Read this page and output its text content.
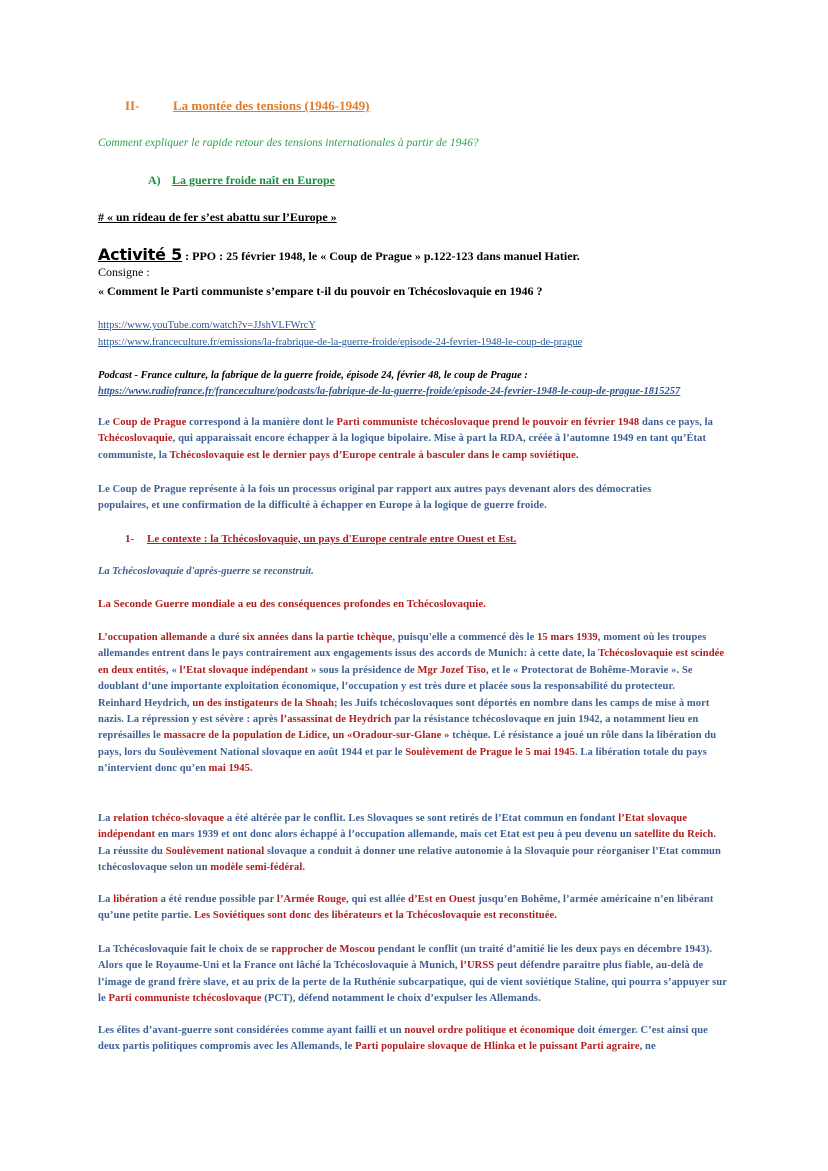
II-	La montée des tensions (1946-1949)
Comment expliquer le rapide retour des tensions internationales à partir de 1946?
A) La guerre froide naît en Europe
# « un rideau de fer s’est abattu sur l’Europe »
Activité 5 : PPO : 25 février 1948, le « Coup de Prague » p.122-123 dans manuel Hatier.
Consigne :
« Comment le Parti communiste s’empare t-il du pouvoir en Tchécoslovaquie en 1946 ?
https://www.youTube.com/watch?v=JJshVLFWrcY
https://www.franceculture.fr/emissions/la-frabrique-de-la-guerre-froide/episode-24-fevrier-1948-le-coup-de-prague
Podcast - France culture, la fabrique de la guerre froide, épisode 24, février 48, le coup de Prague :
https://www.radiofrance.fr/franceculture/podcasts/la-fabrique-de-la-guerre-froide/episode-24-fevrier-1948-le-coup-de-prague-1815257
Le Coup de Prague correspond à la manière dont le Parti communiste tchécoslovaque prend le pouvoir en février 1948 dans ce pays, la Tchécoslovaquie, qui apparaissait encore échapper à la logique bipolaire. Mise à part la RDA, créée à l’automne 1949 en tant qu’État communiste, la Tchécoslovaquie est le dernier pays d’Europe centrale à basculer dans le camp soviétique.
Le Coup de Prague représente à la fois un processus original par rapport aux autres pays devenant alors des démocraties
populaires, et une confirmation de la difficulté à échapper en Europe à la logique de guerre froide.
1- Le contexte : la Tchécoslovaquie, un pays d'Europe centrale entre Ouest et Est.
La Tchécoslovaquie d'après-guerre se reconstruit.
La Seconde Guerre mondiale a eu des conséquences profondes en Tchécoslovaquie.
L’occupation allemande a duré six années dans la partie tchèque, puisqu'elle a commencé dès le 15 mars 1939, moment où les troupes allemandes entrent dans le pays contrairement aux engagements issus des accords de Munich: à cette date, la Tchécoslovaquie est scindée en deux entités, « l’Etat slovaque indépendant » sous la présidence de Mgr Jozef Tiso, et le « Protectorat de Bohême-Moravie ». Se doublant d’une importante exploitation économique, l’occupation y est très dure et placée sous la responsabilité du protecteur.
Reinhard Heydrich, un des instigateurs de la Shoah; les Juifs tchécoslovaques sont déportés en nombre dans les camps de mise à mort nazis. La répression y est sévère : après l’assassinat de Heydrich par la résistance tchécoslovaque en juin 1942, a notamment lieu en représailles le massacre de la population de Lidice, un «Oradour-sur-Glane » tchèque. Lé résistance a joué un rôle dans la libération du pays, lors du Soulèvement National slovaque en août 1944 et par le Soulèvement de Prague le 5 mai 1945. La libération totale du pays n’intervient donc qu’en mai 1945.
La relation tchéco-slovaque a été altérée par le conflit. Les Slovaques se sont retirés de l’Etat commun en fondant l’Etat slovaque indépendant en mars 1939 et ont donc alors échappé à l’occupation allemande, mais cet Etat est peu à peu devenu un satellite du Reich. La réussite du Soulèvement national slovaque a conduit à donner une relative autonomie à la Slovaquie pour réorganiser l’Etat commun tchécoslovaque selon un modèle semi-fédéral.
La libération a été rendue possible par l’Armée Rouge, qui est allée d’Est en Ouest jusqu’en Bohême, l’armée américaine n’en libérant qu’une petite partie. Les Soviétiques sont donc des libérateurs et la Tchécoslovaquie est reconstituée.
La Tchécoslovaquie fait le choix de se rapprocher de Moscou pendant le conflit (un traité d’amitié lie les deux pays en décembre 1943). Alors que le Royaume-Uni et la France ont lâché la Tchécoslovaquie à Munich, l’URSS peut défendre paraitre plus fiable, au-delà de l’image de grand frère slave, et au prix de la perte de la Ruthénie subcarpatique, qui de vient soviétique Staline, qui pourra s’appuyer sur le Parti communiste tchécoslovaque (PCT), défend notamment le choix d’expulser les Allemands.
Les élites d’avant-guerre sont considérées comme ayant failli et un nouvel ordre politique et économique doit émerger. C’est ainsi que deux partis politiques compromis avec les Allemands, le Parti populaire slovaque de Hlinka et le puissant Parti agraire, ne
